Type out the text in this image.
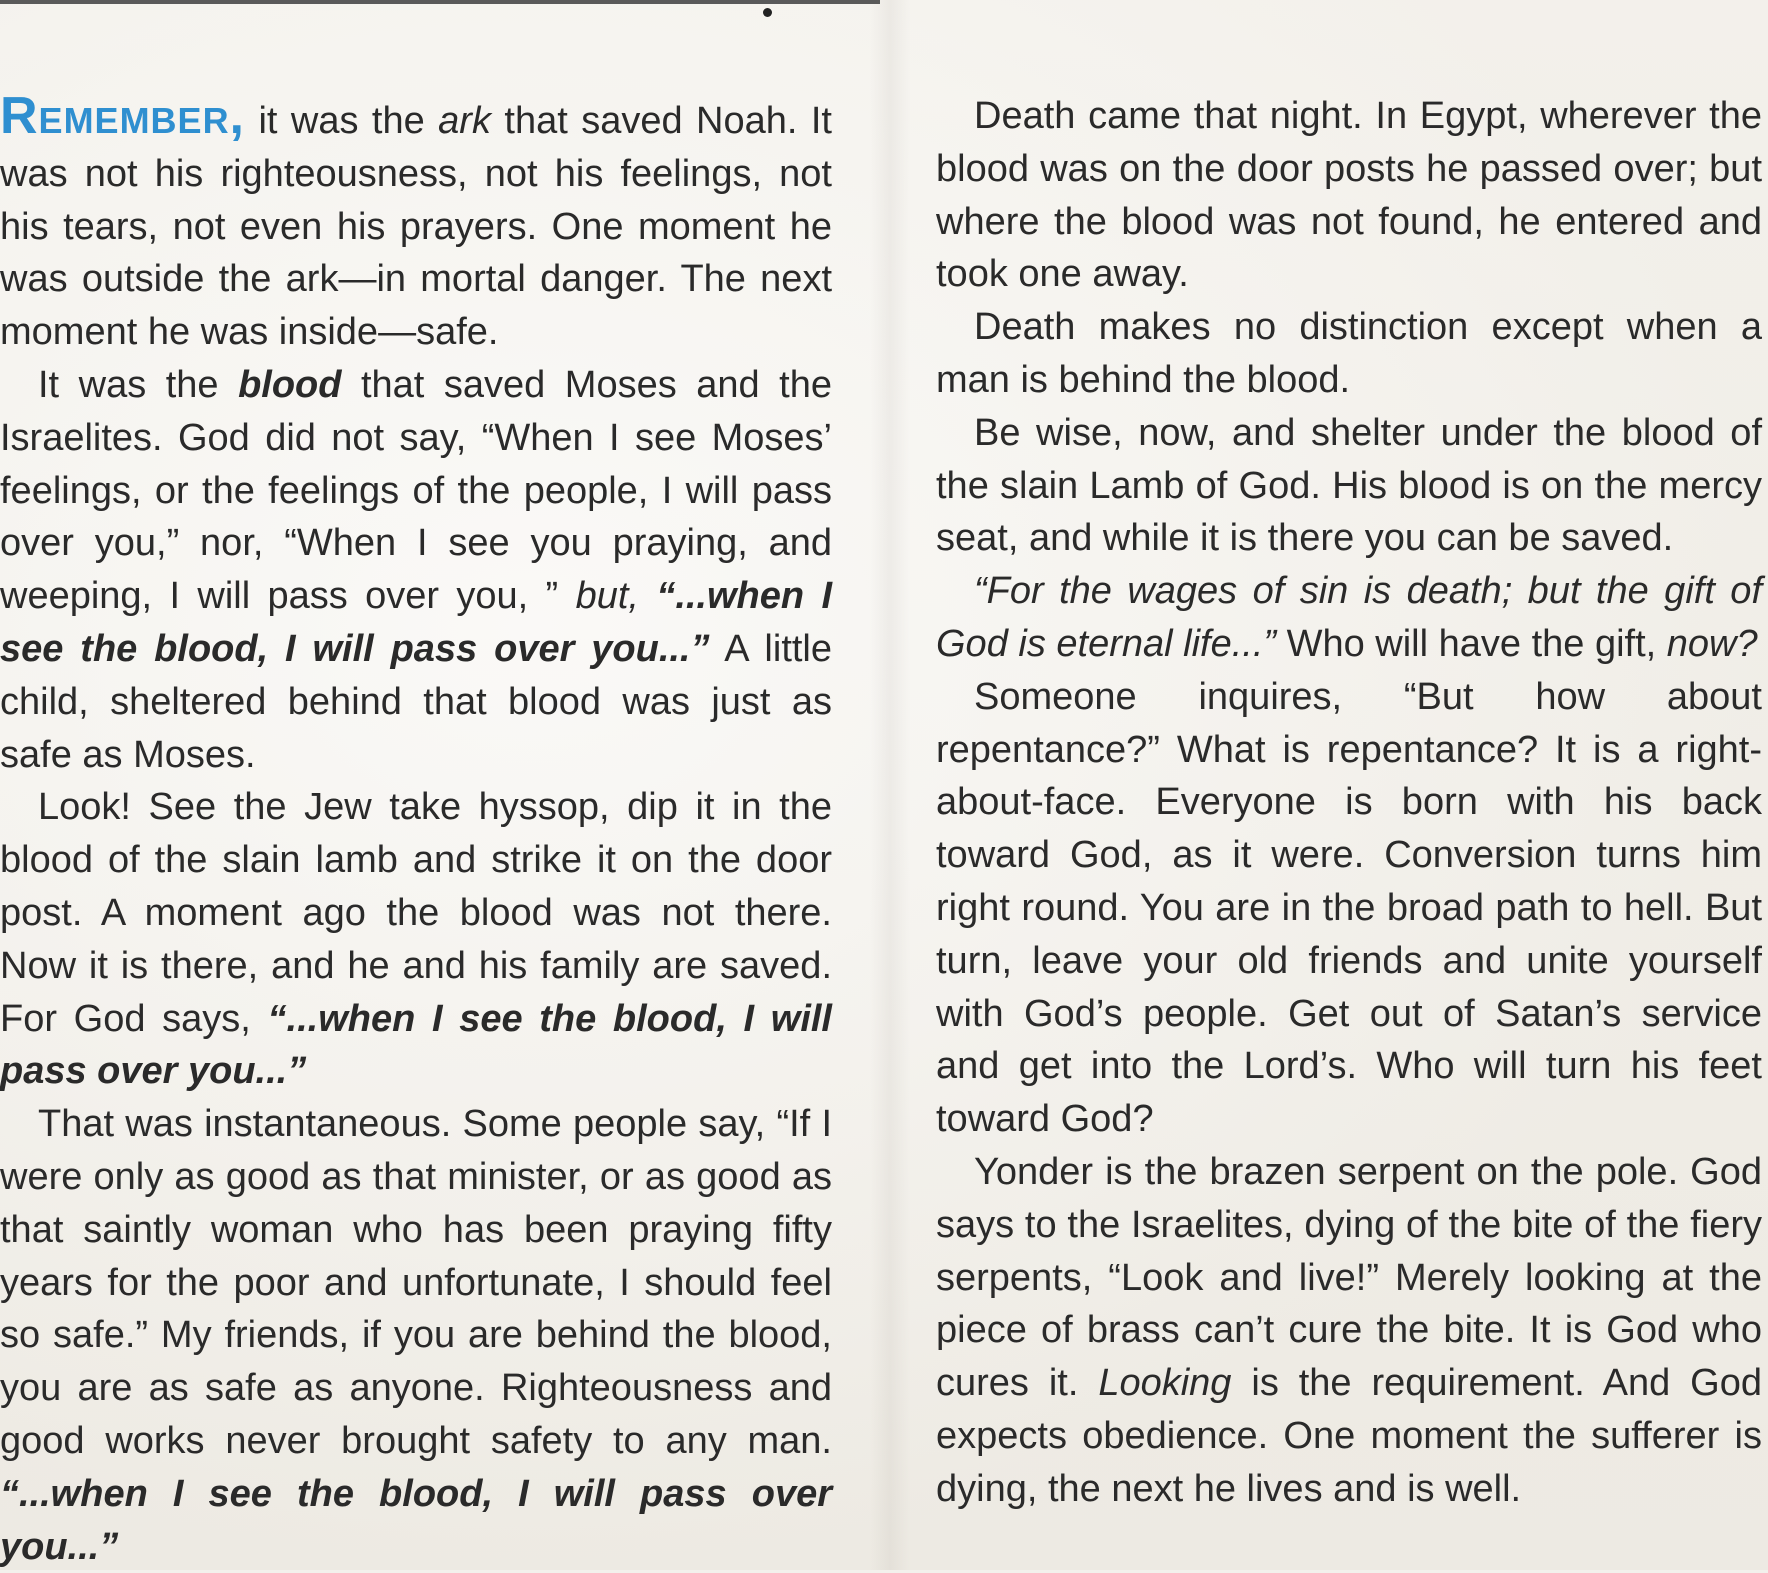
Remember, it was the ark that saved Noah. It was not his righteousness, not his feelings, not his tears, not even his prayers. One moment he was outside the ark—in mortal danger. The next moment he was inside—safe.

It was the blood that saved Moses and the Israelites. God did not say, “When I see Moses’ feelings, or the feelings of the people, I will pass over you,” nor, “When I see you praying, and weeping, I will pass over you, ” but, “...when I see the blood, I will pass over you...” A little child, sheltered behind that blood was just as safe as Moses.

Look! See the Jew take hyssop, dip it in the blood of the slain lamb and strike it on the door post. A moment ago the blood was not there. Now it is there, and he and his family are saved. For God says, “...when I see the blood, I will pass over you...”

That was instantaneous. Some people say, “If I were only as good as that minister, or as good as that saintly woman who has been praying fifty years for the poor and unfortunate, I should feel so safe.” My friends, if you are behind the blood, you are as safe as anyone. Righteousness and good works never brought safety to any man. “...when I see the blood, I will pass over you...”

Death came that night. In Egypt, wherever the blood was on the door posts he passed over; but where the blood was not found, he entered and took one away.

Death makes no distinction except when a man is behind the blood.

Be wise, now, and shelter under the blood of the slain Lamb of God. His blood is on the mercy seat, and while it is there you can be saved.

“For the wages of sin is death; but the gift of God is eternal life...” Who will have the gift, now?

Someone inquires, “But how about repentance?” What is repentance? It is a right-about-face. Everyone is born with his back toward God, as it were. Conversion turns him right round. You are in the broad path to hell. But turn, leave your old friends and unite yourself with God’s people. Get out of Satan’s service and get into the Lord’s. Who will turn his feet toward God?

Yonder is the brazen serpent on the pole. God says to the Israelites, dying of the bite of the fiery serpents, “Look and live!” Merely looking at the piece of brass can’t cure the bite. It is God who cures it. Looking is the requirement. And God expects obedience. One moment the sufferer is dying, the next he lives and is well.
